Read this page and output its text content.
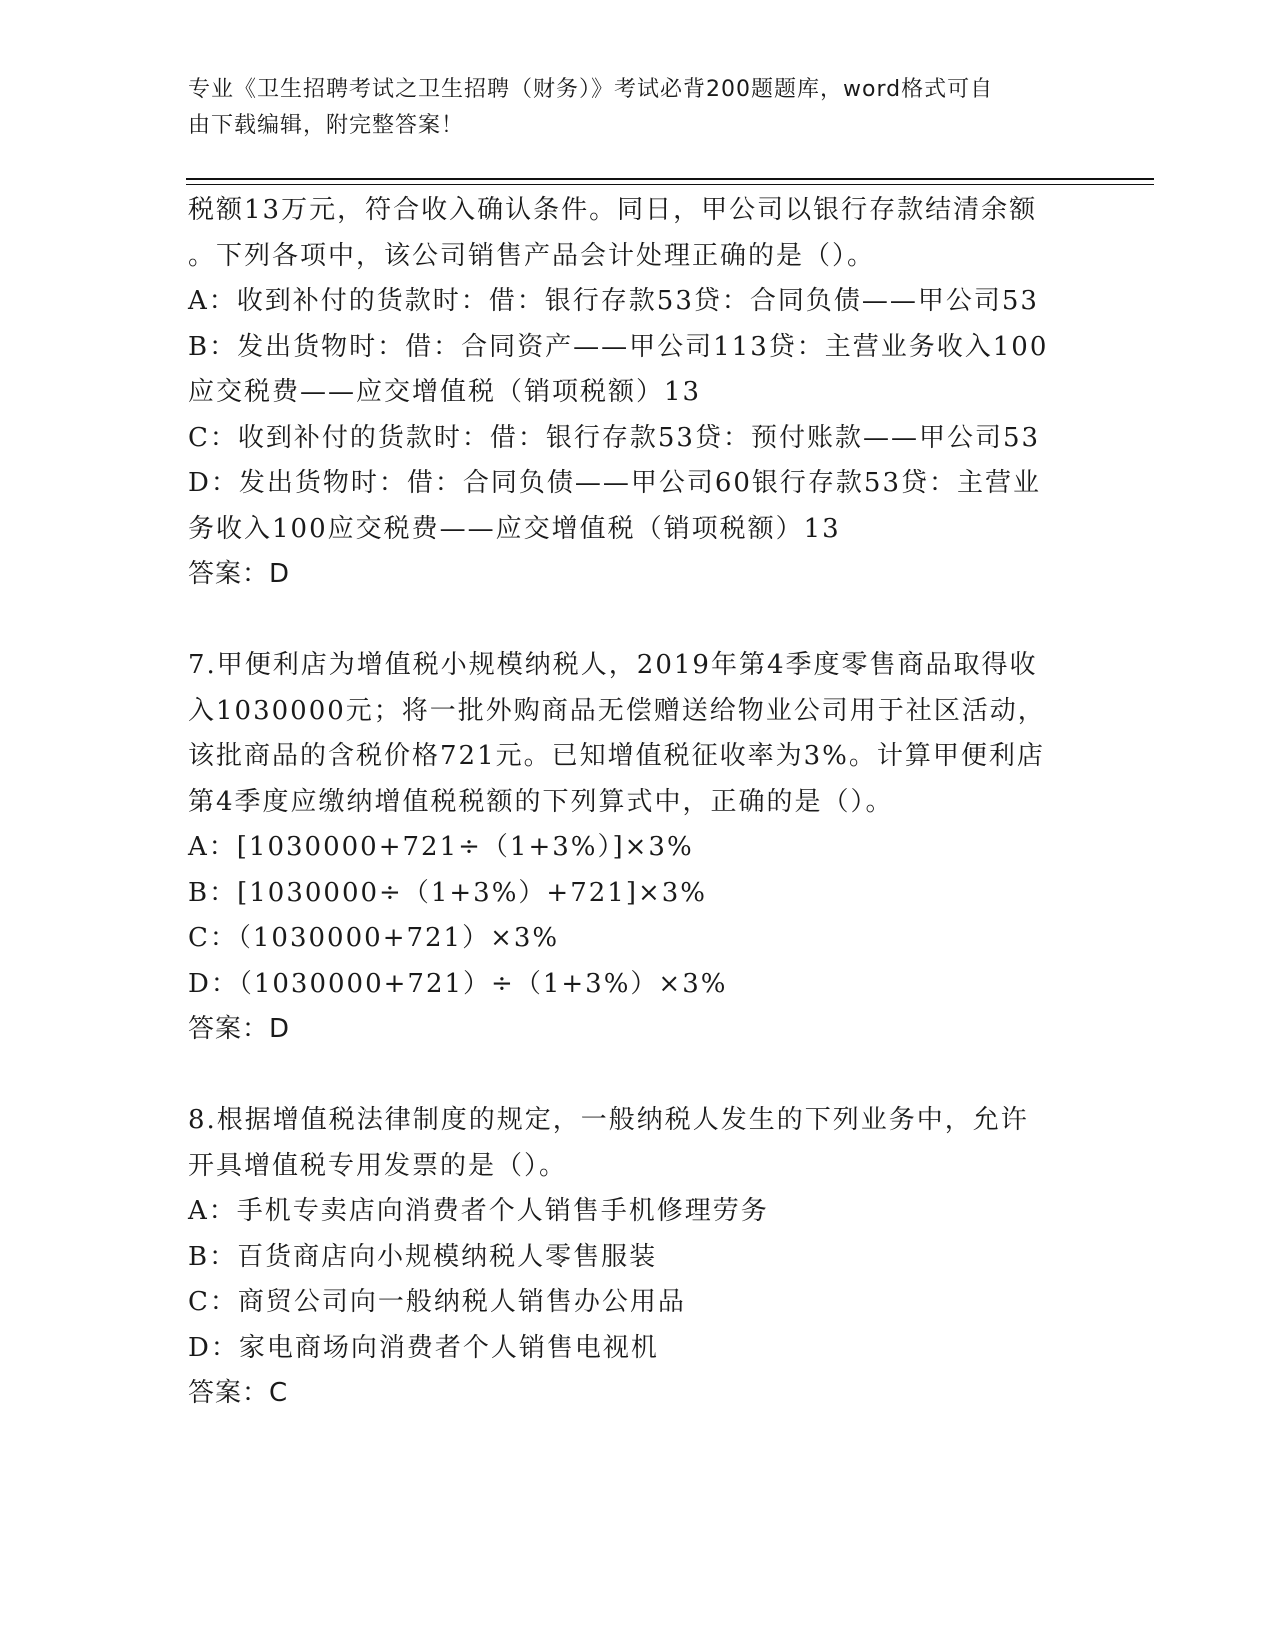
专业《卫生招聘考试之卫生招聘（财务）》考试必背200题题库，word格式可自
由下载编辑，附完整答案！
税额13万元，符合收入确认条件。同日，甲公司以银行存款结清余额
。下列各项中，该公司销售产品会计处理正确的是（）。
A：收到补付的货款时：借：银行存款53贷：合同负债——甲公司53
B：发出货物时：借：合同资产——甲公司113贷：主营业务收入100
应交税费——应交增值税（销项税额）13
C：收到补付的货款时：借：银行存款53贷：预付账款——甲公司53
D：发出货物时：借：合同负债——甲公司60银行存款53贷：主营业
务收入100应交税费——应交增值税（销项税额）13
答案：D
7.甲便利店为增值税小规模纳税人，2019年第4季度零售商品取得收
入1030000元；将一批外购商品无偿赠送给物业公司用于社区活动，
该批商品的含税价格721元。已知增值税征收率为3%。计算甲便利店
第4季度应缴纳增值税税额的下列算式中，正确的是（）。
A：[1030000+721÷（1+3%）]×3%
B：[1030000÷（1+3%）+721]×3%
C：（1030000+721）×3%
D：（1030000+721）÷（1+3%）×3%
答案：D
8.根据增值税法律制度的规定，一般纳税人发生的下列业务中，允许
开具增值税专用发票的是（）。
A：手机专卖店向消费者个人销售手机修理劳务
B：百货商店向小规模纳税人零售服装
C：商贸公司向一般纳税人销售办公用品
D：家电商场向消费者个人销售电视机
答案：C
